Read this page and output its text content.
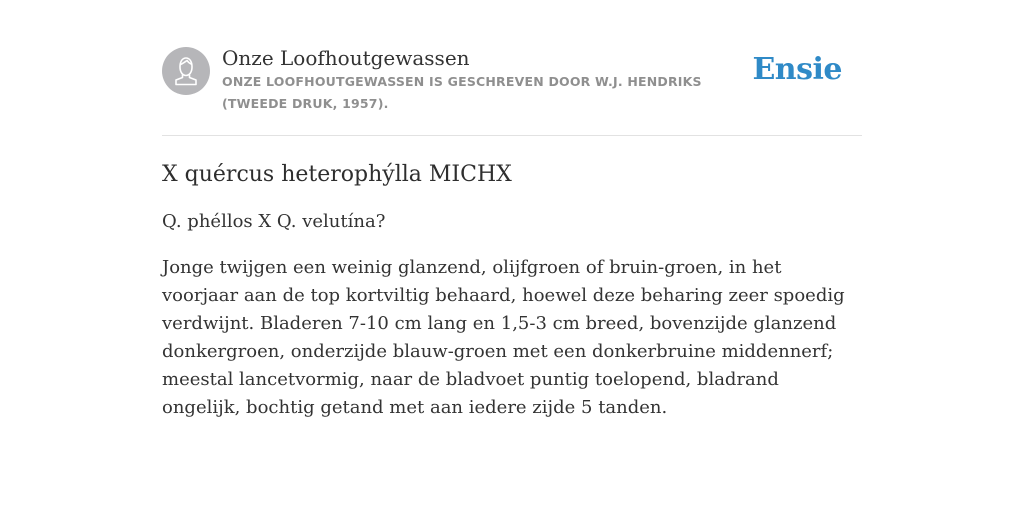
Onze Loofhoutgewassen
ONZE LOOFHOUTGEWASSEN IS GESCHREVEN DOOR W.J. HENDRIKS (TWEEDE DRUK, 1957).
Ensie
X quércus heterophýlla MICHX

Q. phéllos X Q. velutína?

Jonge twijgen een weinig glanzend, olijfgroen of bruin-groen, in het voorjaar aan de top kortviltig behaard, hoewel deze beharing zeer spoedig verdwijnt. Bladeren 7-10 cm lang en 1,5-3 cm breed, bovenzijde glanzend donkergroen, onderzijde blauw-groen met een donkerbruine middennerf; meestal lancetvormig, naar de bladvoet puntig toelopend, bladrand ongelijk, bochtig getand met aan iedere zijde 5 tanden.
